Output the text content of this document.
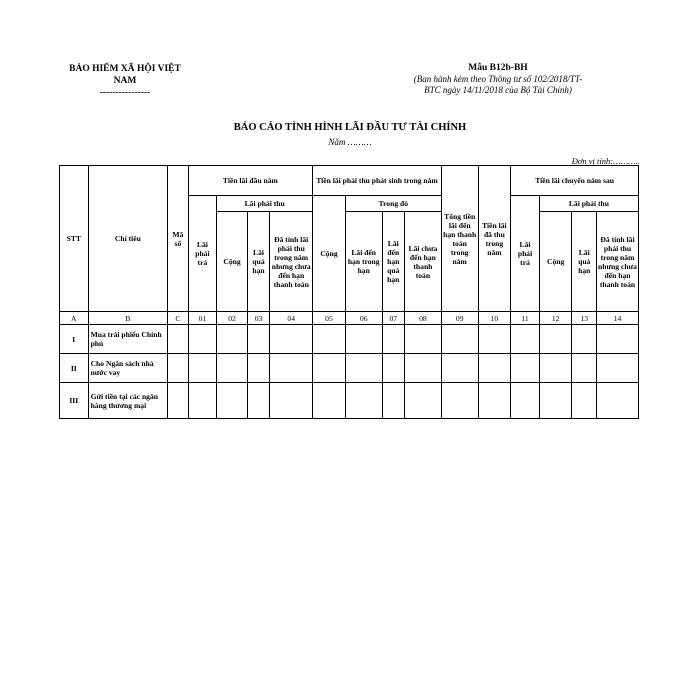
BẢO HIỂM XÃ HỘI VIỆT
NAM
----------------
Mẫu B12b-BH
(Ban hành kèm theo Thông tư số 102/2018/TT-
BTC ngày 14/11/2018 của Bộ Tài Chính)
BÁO CÁO TÌNH HÌNH LÃI ĐẦU TƯ TÀI CHÍNH
Năm ………
Đơn vị tính:………..
STT	Chỉ tiêu	Mã số	Tiền lãi đầu năm				Tiền lãi phải thu phát sinh trong năm				Tổng tiền lãi đến hạn thanh toán trong năm	Tiền lãi đã thu trong năm	Tiền lãi chuyển năm sau			
			Lãi phải trả	Lãi phải thu			Cộng	Trong đó					Lãi phải trả	Lãi phải thu		
				Cộng	Lãi quá hạn	Đã tính lãi phải thu trong năm nhưng chưa đến hạn thanh toán		Lãi đến hạn trong hạn	Lãi đến hạn quá hạn	Lãi chưa đến hạn thanh toán				Cộng	Lãi quá hạn	Đã tính lãi phải thu trong năm nhưng chưa đến hạn thanh toán

A	B	C	01	02	03	04	05	06	07	08	09	10	11	12	13	14
I	Mua trái phiếu Chính phủ															
II	Cho Ngân sách nhà nước vay															
III	Gửi tiền tại các ngân hàng thương mại															
